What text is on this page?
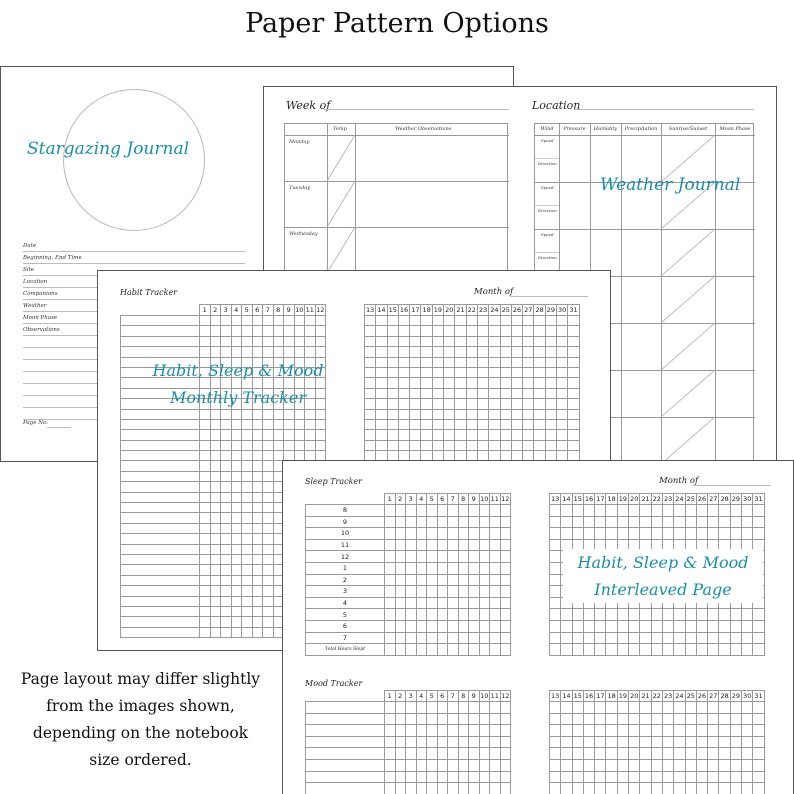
Paper Pattern Options
Stargazing Journal
Date
Beginning, End Time
Site
Location
Companions
Weather
Moon Phase
Observations
Page No.
Week of	Location
Temp	Weather Observations
Monday
Tuesday
Wednesday
Wind	Pressure	Humidity	Precipitation	Sunrise/Sunset	Moon Phase
Speed
Direction
Speed
Direction
Speed
Direction
Weather Journal
Habit Tracker	Month of
	1	2	3	4	5	6	7	8	9	10	11	12

		13	14	15	16	17	18	19	20	21	22	23	24	25	26	27	28	29	30	31

Habit, Sleep & Mood
Monthly Tracker
Sleep Tracker	Month of
	1	2	3	4	5	6	7	8	9	10	11	12
8												
9												
10												
11												
12												
1												
2												
3												
4												
5												
6												
7												
Total Hours Slept												
	13	14	15	16	17	18	19	20	21	22	23	24	25	26	27	28	29	30	31

Mood Tracker
	1	2	3	4	5	6	7	8	9	10	11	12

		13	14	15	16	17	18	19	20	21	22	23	24	25	26	27	28	29	30	31

Habit, Sleep & Mood
Interleaved Page
Page layout may differ slightly from the images shown, depending on the notebook size ordered.
